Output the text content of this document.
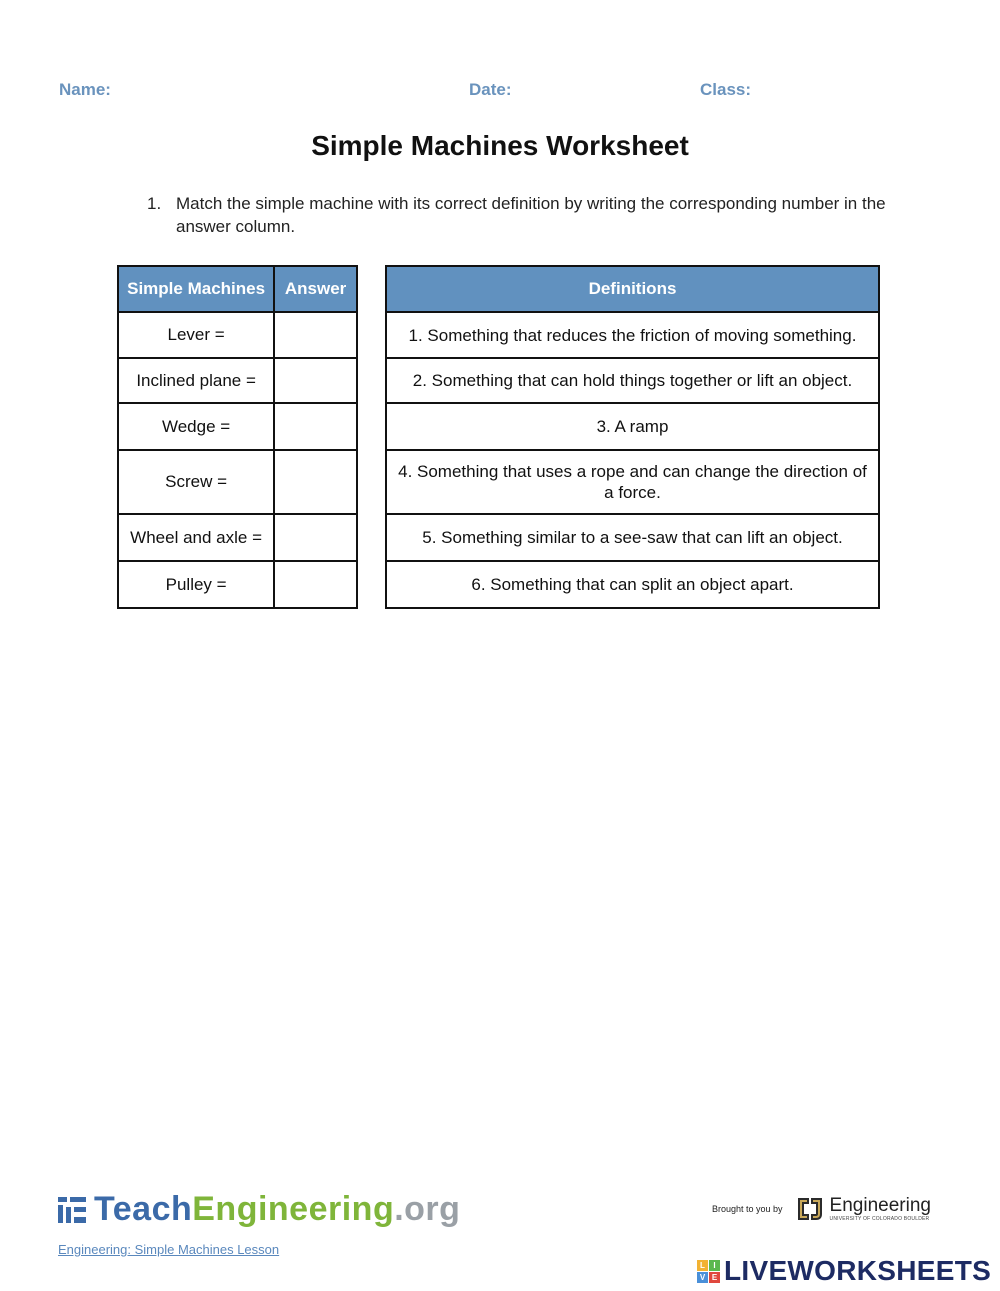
Name:	Date:	Class:
Simple Machines Worksheet
1. Match the simple machine with its correct definition by writing the corresponding number in the answer column.
Simple Machines	Answer
Lever =	
Inclined plane =	
Wedge =	
Screw =	
Wheel and axle =	
Pulley =	
Definitions
1. Something that reduces the friction of moving something.
2. Something that can hold things together or lift an object.
3. A ramp
4. Something that uses a rope and can change the direction of a force.
5. Something similar to a see-saw that can lift an object.
6. Something that can split an object apart.
Teach Engineering .org
Engineering: Simple Machines Lesson
Brought to you by Engineering
UNIVERSITY OF COLORADO BOULDER
L	I
V E LIVEWORKSHEETS
